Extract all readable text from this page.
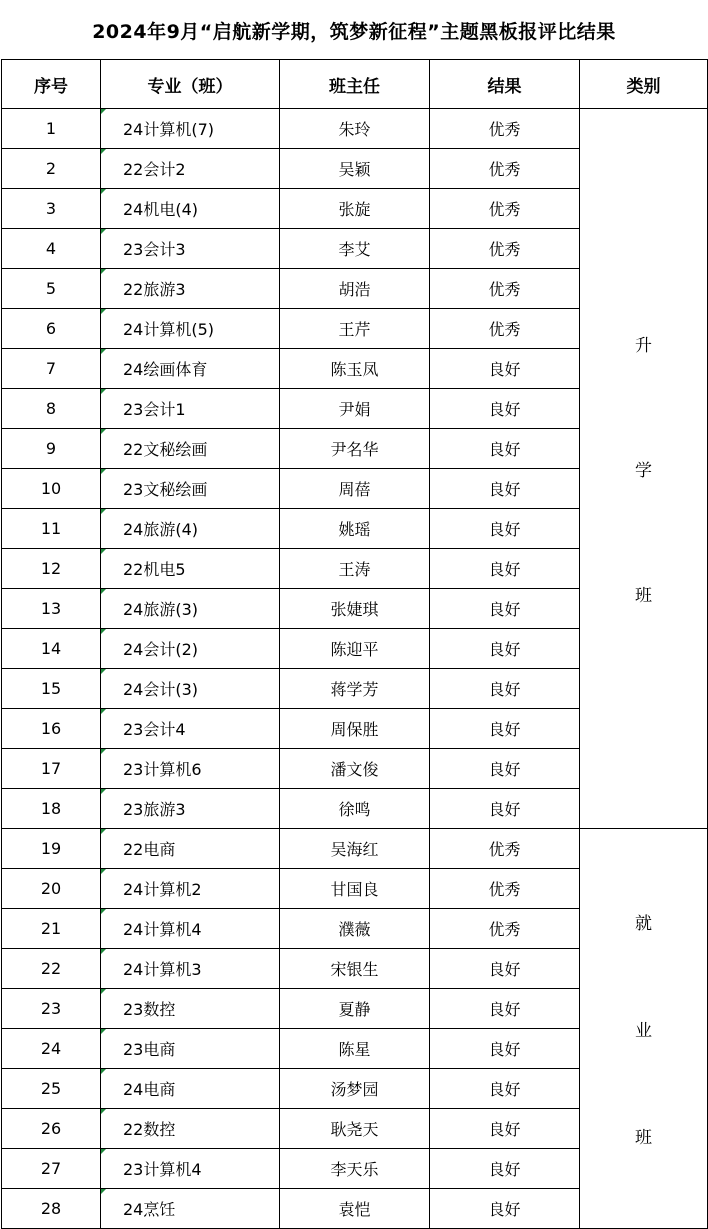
2024年9月“启航新学期，筑梦新征程”主题黑板报评比结果
序号	专业（班）	班主任	结果	类别
1	24计算机(7)	朱玲	优秀	升
学
班

2	22会计2	吴颖	优秀	
3	24机电(4)	张旋	优秀	
4	23会计3	李艾	优秀	
5	22旅游3	胡浩	优秀	
6	24计算机(5)	王芹	优秀	
7	24绘画体育	陈玉凤	良好	
8	23会计1	尹娟	良好	
9	22文秘绘画	尹名华	良好	
10	23文秘绘画	周蓓	良好	
11	24旅游(4)	姚瑶	良好	
12	22机电5	王涛	良好	
13	24旅游(3)	张婕琪	良好	
14	24会计(2)	陈迎平	良好	
15	24会计(3)	蒋学芳	良好	
16	23会计4	周保胜	良好	
17	23计算机6	潘文俊	良好	
18	23旅游3	徐鸣	良好	
19	22电商	吴海红	优秀	就
业
班

20	24计算机2	甘国良	优秀	
21	24计算机4	濮薇	优秀	
22	24计算机3	宋银生	良好	
23	23数控	夏静	良好	
24	23电商	陈星	良好	
25	24电商	汤梦园	良好	
26	22数控	耿尧天	良好	
27	23计算机4	李天乐	良好	
28	24烹饪	袁恺	良好	
